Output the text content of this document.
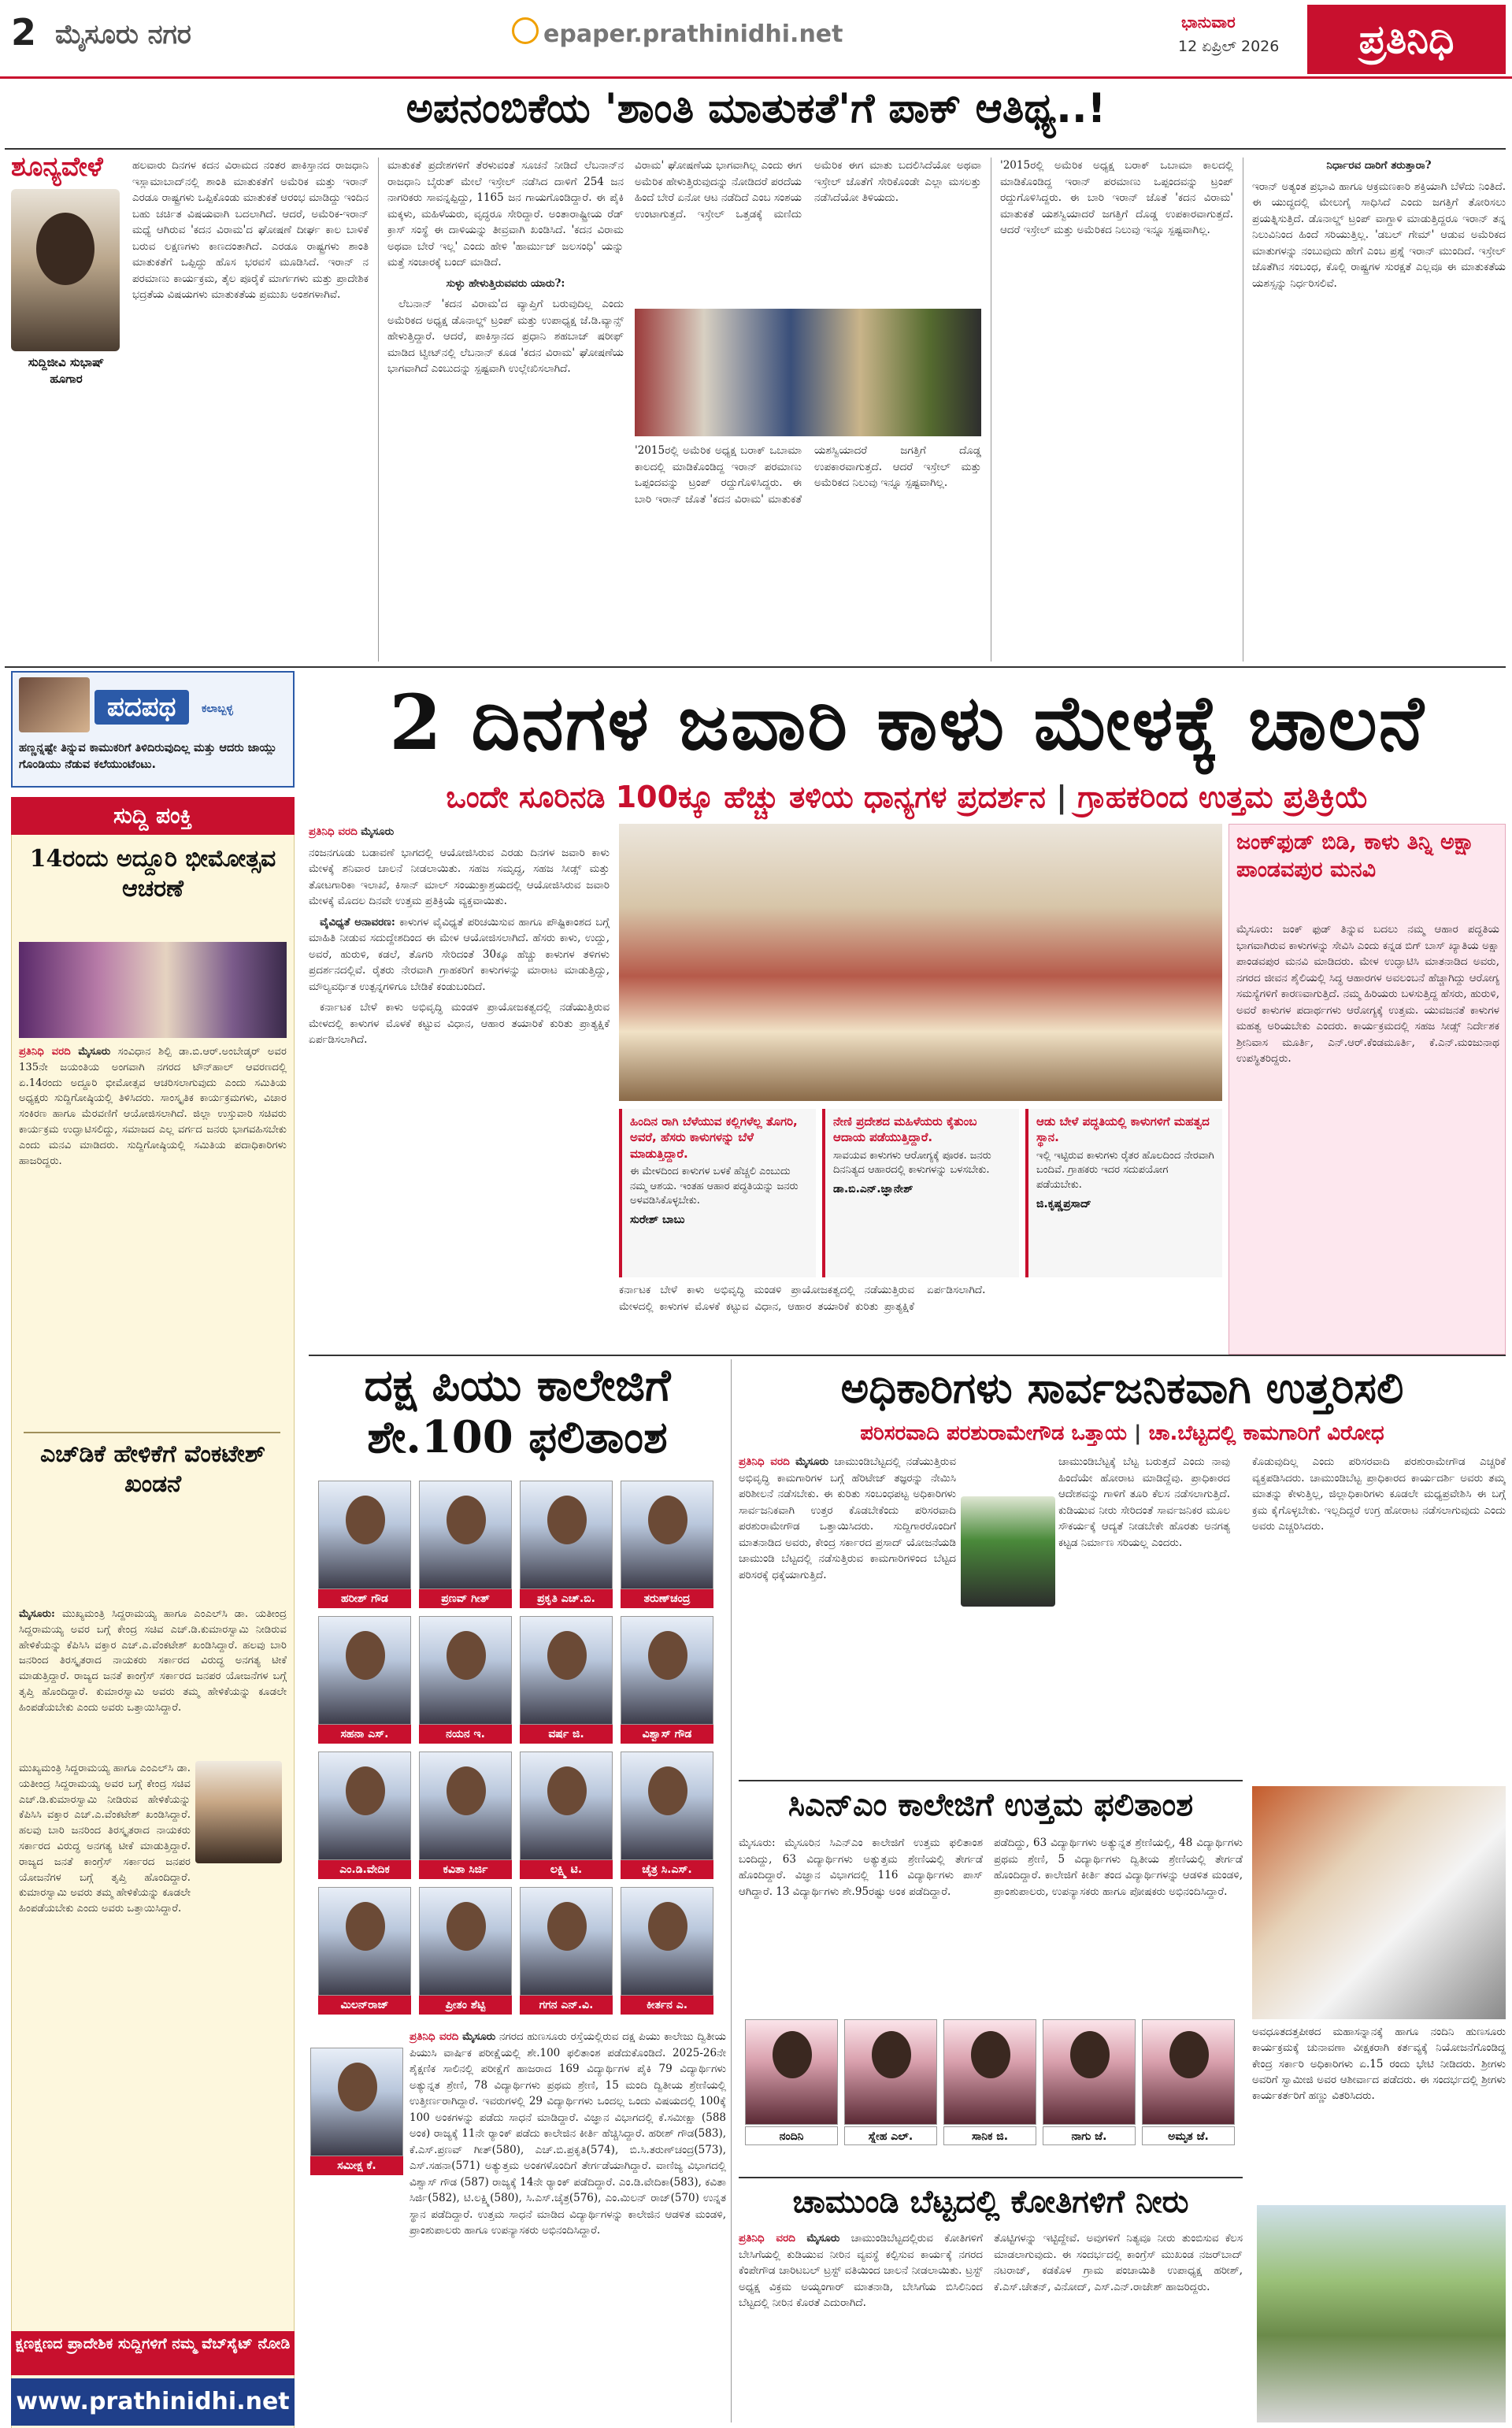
2 ಮೈಸೂರು ನಗರ	epaper.prathinidhi.net	ಭಾನುವಾರ
12 ಏಪ್ರಿಲ್ 2026	ಪ್ರತಿನಿಧಿ
ಅಪನಂಬಿಕೆಯ 'ಶಾಂತಿ ಮಾತುಕತೆ'ಗೆ ಪಾಕ್ ಆತಿಥ್ಯ..!
ಶೂನ್ಯವೇಳೆ
ಸುದ್ದಿಜೀವಿ ಸುಭಾಷ್ ಹೂಗಾರ

ಹಲವಾರು ದಿನಗಳ ಕದನ ವಿರಾಮದ ನಂತರ ಪಾಕಿಸ್ತಾನದ ರಾಜಧಾನಿ ಇಸ್ಲಾಮಾಬಾದ್‌ನಲ್ಲಿ ಶಾಂತಿ ಮಾತುಕತೆಗೆ ಅಮೆರಿಕ ಮತ್ತು ಇರಾನ್ ಎರಡೂ ರಾಷ್ಟ್ರಗಳು ಒಪ್ಪಿಕೊಂಡು ಮಾತುಕತೆ ಆರಂಭ ಮಾಡಿದ್ದು ಇಂದಿನ ಬಹು ಚರ್ಚಿತ ವಿಷಯವಾಗಿ ಬದಲಾಗಿದೆ. ಆದರೆ, ಅಮೆರಿಕ-ಇರಾನ್ ಮಧ್ಯೆ ಆಗಿರುವ 'ಕದನ ವಿರಾಮ'ದ ಘೋಷಣೆ ದೀರ್ಘ ಕಾಲ ಬಾಳಿಕೆ ಬರುವ ಲಕ್ಷಣಗಳು ಕಾಣದಂತಾಗಿದೆ. ಎರಡೂ ರಾಷ್ಟ್ರಗಳು ಶಾಂತಿ ಮಾತುಕತೆಗೆ ಒಪ್ಪಿದ್ದು ಹೊಸ ಭರವಸೆ ಮೂಡಿಸಿದೆ. ಇರಾನ್ ನ ಪರಮಾಣು ಕಾರ್ಯಕ್ರಮ, ತೈಲ ಪೂರೈಕೆ ಮಾರ್ಗಗಳು ಮತ್ತು ಪ್ರಾದೇಶಿಕ ಭದ್ರತೆಯ ವಿಷಯಗಳು ಮಾತುಕತೆಯ ಪ್ರಮುಖ ಅಂಶಗಳಾಗಿವೆ.

ಮಾತುಕತೆ ಪ್ರದೇಶಗಳಿಗೆ ತೆರಳುವಂತೆ ಸೂಚನೆ ನೀಡಿದೆ ಲೆಬನಾನ್‌ನ ರಾಜಧಾನಿ ಬೈರುತ್ ಮೇಲೆ ಇಸ್ರೇಲ್ ನಡೆಸಿದ ದಾಳಿಗೆ 254 ಜನ ನಾಗರಿಕರು ಸಾವನ್ನಪ್ಪಿದ್ದು, 1165 ಜನ ಗಾಯಗೊಂಡಿದ್ದಾರೆ. ಈ ಪೈಕಿ ಮಕ್ಕಳು, ಮಹಿಳೆಯರು, ವೃದ್ಧರೂ ಸೇರಿದ್ದಾರೆ. ಅಂತಾರಾಷ್ಟ್ರೀಯ ರೆಡ್ ಕ್ರಾಸ್ ಸಂಸ್ಥೆ ಈ ದಾಳಿಯನ್ನು ತೀವ್ರವಾಗಿ ಖಂಡಿಸಿದೆ. 'ಕದನ ವಿರಾಮ ಅಥವಾ ಬೇರೆ ಇಲ್ಲ' ಎಂದು ಹೇಳಿ 'ಹಾರ್ಮುಜ್ ಜಲಸಂಧಿ' ಯನ್ನು ಮತ್ತೆ ಸಂಚಾರಕ್ಕೆ ಬಂದ್ ಮಾಡಿದೆ.

ಸುಳ್ಳು ಹೇಳುತ್ತಿರುವವರು ಯಾರು?:

ಲೆಬನಾನ್ 'ಕದನ ವಿರಾಮ'ದ ವ್ಯಾಪ್ತಿಗೆ ಬರುವುದಿಲ್ಲ ಎಂದು ಅಮೆರಿಕದ ಅಧ್ಯಕ್ಷ ಡೊನಾಲ್ಡ್ ಟ್ರಂಪ್ ಮತ್ತು ಉಪಾಧ್ಯಕ್ಷ ಜೆ.ಡಿ.ವ್ಯಾನ್ಸ್ ಹೇಳುತ್ತಿದ್ದಾರೆ. ಆದರೆ, ಪಾಕಿಸ್ತಾನದ ಪ್ರಧಾನಿ ಶಹಬಾಜ್ ಷರೀಫ್ ಮಾಡಿದ ಟ್ವೀಟ್‌ನಲ್ಲಿ ಲೆಬನಾನ್ ಕೂಡ 'ಕದನ ವಿರಾಮ' ಘೋಷಣೆಯ ಭಾಗವಾಗಿದೆ ಎಂಬುದನ್ನು ಸ್ಪಷ್ಟವಾಗಿ ಉಲ್ಲೇಖಿಸಲಾಗಿದೆ.

ವಿರಾಮ' ಘೋಷಣೆಯ ಭಾಗವಾಗಿಲ್ಲ ಎಂದು ಈಗ ಅಮೆರಿಕ ಹೇಳುತ್ತಿರುವುದನ್ನು ನೋಡಿದರೆ ಪರದೆಯ ಹಿಂದೆ ಬೇರೆ ಏನೋ ಆಟ ನಡೆದಿದೆ ಎಂಬ ಸಂಶಯ ಉಂಟಾಗುತ್ತದೆ. ಇಸ್ರೇಲ್ ಒತ್ತಡಕ್ಕೆ ಮಣಿದು ಅಮೆರಿಕ ಈಗ ಮಾತು ಬದಲಿಸಿದೆಯೋ ಅಥವಾ ಇಸ್ರೇಲ್ ಜೊತೆಗೆ ಸೇರಿಕೊಂಡೇ ಎಲ್ಲಾ ಮಸಲತ್ತು ನಡೆಸಿದೆಯೋ ತಿಳಿಯದು.

'2015ರಲ್ಲಿ ಅಮೆರಿಕ ಅಧ್ಯಕ್ಷ ಬರಾಕ್ ಒಬಾಮಾ ಕಾಲದಲ್ಲಿ ಮಾಡಿಕೊಂಡಿದ್ದ ಇರಾನ್ ಪರಮಾಣು ಒಪ್ಪಂದವನ್ನು ಟ್ರಂಪ್ ರದ್ದುಗೊಳಿಸಿದ್ದರು. ಈ ಬಾರಿ ಇರಾನ್ ಜೊತೆ 'ಕದನ ವಿರಾಮ' ಮಾತುಕತೆ ಯಶಸ್ವಿಯಾದರೆ ಜಗತ್ತಿಗೆ ದೊಡ್ಡ ಉಪಕಾರವಾಗುತ್ತದೆ. ಆದರೆ ಇಸ್ರೇಲ್ ಮತ್ತು ಅಮೆರಿಕದ ನಿಲುವು ಇನ್ನೂ ಸ್ಪಷ್ಟವಾಗಿಲ್ಲ.

'2015ರಲ್ಲಿ ಅಮೆರಿಕ ಅಧ್ಯಕ್ಷ ಬರಾಕ್ ಒಬಾಮಾ ಕಾಲದಲ್ಲಿ ಮಾಡಿಕೊಂಡಿದ್ದ ಇರಾನ್ ಪರಮಾಣು ಒಪ್ಪಂದವನ್ನು ಟ್ರಂಪ್ ರದ್ದುಗೊಳಿಸಿದ್ದರು. ಈ ಬಾರಿ ಇರಾನ್ ಜೊತೆ 'ಕದನ ವಿರಾಮ' ಮಾತುಕತೆ ಯಶಸ್ವಿಯಾದರೆ ಜಗತ್ತಿಗೆ ದೊಡ್ಡ ಉಪಕಾರವಾಗುತ್ತದೆ. ಆದರೆ ಇಸ್ರೇಲ್ ಮತ್ತು ಅಮೆರಿಕದ ನಿಲುವು ಇನ್ನೂ ಸ್ಪಷ್ಟವಾಗಿಲ್ಲ.

ನಿರ್ಧಾರವ ದಾರಿಗೆ ತರುತ್ತಾರಾ?

ಇರಾನ್ ಅತ್ಯಂತ ಪ್ರಭಾವಿ ಹಾಗೂ ಆಕ್ರಮಣಕಾರಿ ಶಕ್ತಿಯಾಗಿ ಬೆಳೆದು ನಿಂತಿದೆ. ಈ ಯುದ್ಧದಲ್ಲಿ ಮೇಲುಗೈ ಸಾಧಿಸಿದೆ ಎಂದು ಜಗತ್ತಿಗೆ ತೋರಿಸಲು ಪ್ರಯತ್ನಿಸುತ್ತಿದೆ. ಡೊನಾಲ್ಡ್ ಟ್ರಂಪ್ ವಾಗ್ದಾಳಿ ಮಾಡುತ್ತಿದ್ದರೂ ಇರಾನ್ ತನ್ನ ನಿಲುವಿನಿಂದ ಹಿಂದೆ ಸರಿಯುತ್ತಿಲ್ಲ. 'ಡಬಲ್ ಗೇಮ್' ಆಡುವ ಅಮೆರಿಕದ ಮಾತುಗಳನ್ನು ನಂಬುವುದು ಹೇಗೆ ಎಂಬ ಪ್ರಶ್ನೆ ಇರಾನ್ ಮುಂದಿದೆ. ಇಸ್ರೇಲ್ ಜೊತೆಗಿನ ಸಂಬಂಧ, ಕೊಲ್ಲಿ ರಾಷ್ಟ್ರಗಳ ಸುರಕ್ಷತೆ ಎಲ್ಲವೂ ಈ ಮಾತುಕತೆಯ ಯಶಸ್ಸನ್ನು ನಿರ್ಧರಿಸಲಿವೆ.

ಪದಪಥ	ಕಲಾಬ್ಬಳ್ಳ
ಹಣ್ಣನ್ನಷ್ಟೇ ತಿನ್ನುವ ಕಾಮುಕರಿಗೆ ತಿಳಿದಿರುವುದಿಲ್ಲ ಮತ್ತು ಆದರು ಜಾಯ್ಲು ಗೊಂಡಿಯು ನೆಡುವ ಕಲೆಯುಂಟೆಂಟು.
ಸುದ್ದಿ ಪಂಕ್ತಿ
14ರಂದು ಅದ್ದೂರಿ ಭೀಮೋತ್ಸವ ಆಚರಣೆ

ಪ್ರತಿನಿಧಿ ವರದಿ ಮೈಸೂರು ಸಂವಿಧಾನ ಶಿಲ್ಪಿ ಡಾ.ಬಿ.ಆರ್.ಅಂಬೇಡ್ಕರ್ ಅವರ 135ನೇ ಜಯಂತಿಯ ಅಂಗವಾಗಿ ನಗರದ ಟೌನ್‌ಹಾಲ್ ಆವರಣದಲ್ಲಿ ಏ.14ರಂದು ಅದ್ದೂರಿ ಭೀಮೋತ್ಸವ ಆಚರಿಸಲಾಗುವುದು ಎಂದು ಸಮಿತಿಯ ಅಧ್ಯಕ್ಷರು ಸುದ್ದಿಗೋಷ್ಠಿಯಲ್ಲಿ ತಿಳಿಸಿದರು. ಸಾಂಸ್ಕೃತಿಕ ಕಾರ್ಯಕ್ರಮಗಳು, ವಿಚಾರ ಸಂಕಿರಣ ಹಾಗೂ ಮೆರವಣಿಗೆ ಆಯೋಜಿಸಲಾಗಿದೆ. ಜಿಲ್ಲಾ ಉಸ್ತುವಾರಿ ಸಚಿವರು ಕಾರ್ಯಕ್ರಮ ಉದ್ಘಾಟಿಸಲಿದ್ದು, ಸಮಾಜದ ಎಲ್ಲ ವರ್ಗದ ಜನರು ಭಾಗವಹಿಸಬೇಕು ಎಂದು ಮನವಿ ಮಾಡಿದರು. ಸುದ್ದಿಗೋಷ್ಠಿಯಲ್ಲಿ ಸಮಿತಿಯ ಪದಾಧಿಕಾರಿಗಳು ಹಾಜರಿದ್ದರು.

ಎಚ್‌ಡಿಕೆ ಹೇಳಿಕೆಗೆ ವೆಂಕಟೇಶ್ ಖಂಡನೆ

ಮೈಸೂರು: ಮುಖ್ಯಮಂತ್ರಿ ಸಿದ್ದರಾಮಯ್ಯ ಹಾಗೂ ಎಂಎಲ್‌ಸಿ ಡಾ. ಯತೀಂದ್ರ ಸಿದ್ದರಾಮಯ್ಯ ಅವರ ಬಗ್ಗೆ ಕೇಂದ್ರ ಸಚಿವ ಎಚ್.ಡಿ.ಕುಮಾರಸ್ವಾಮಿ ನೀಡಿರುವ ಹೇಳಿಕೆಯನ್ನು ಕೆಪಿಸಿಸಿ ವಕ್ತಾರ ಎಚ್.ಎ.ವೆಂಕಟೇಶ್ ಖಂಡಿಸಿದ್ದಾರೆ. ಹಲವು ಬಾರಿ ಜನರಿಂದ ತಿರಸ್ಕೃತರಾದ ನಾಯಕರು ಸರ್ಕಾರದ ವಿರುದ್ಧ ಅನಗತ್ಯ ಟೀಕೆ ಮಾಡುತ್ತಿದ್ದಾರೆ. ರಾಜ್ಯದ ಜನತೆ ಕಾಂಗ್ರೆಸ್ ಸರ್ಕಾರದ ಜನಪರ ಯೋಜನೆಗಳ ಬಗ್ಗೆ ತೃಪ್ತಿ ಹೊಂದಿದ್ದಾರೆ. ಕುಮಾರಸ್ವಾಮಿ ಅವರು ತಮ್ಮ ಹೇಳಿಕೆಯನ್ನು ಕೂಡಲೇ ಹಿಂಪಡೆಯಬೇಕು ಎಂದು ಅವರು ಒತ್ತಾಯಿಸಿದ್ದಾರೆ.

ಮುಖ್ಯಮಂತ್ರಿ ಸಿದ್ದರಾಮಯ್ಯ ಹಾಗೂ ಎಂಎಲ್‌ಸಿ ಡಾ. ಯತೀಂದ್ರ ಸಿದ್ದರಾಮಯ್ಯ ಅವರ ಬಗ್ಗೆ ಕೇಂದ್ರ ಸಚಿವ ಎಚ್.ಡಿ.ಕುಮಾರಸ್ವಾಮಿ ನೀಡಿರುವ ಹೇಳಿಕೆಯನ್ನು ಕೆಪಿಸಿಸಿ ವಕ್ತಾರ ಎಚ್.ಎ.ವೆಂಕಟೇಶ್ ಖಂಡಿಸಿದ್ದಾರೆ. ಹಲವು ಬಾರಿ ಜನರಿಂದ ತಿರಸ್ಕೃತರಾದ ನಾಯಕರು ಸರ್ಕಾರದ ವಿರುದ್ಧ ಅನಗತ್ಯ ಟೀಕೆ ಮಾಡುತ್ತಿದ್ದಾರೆ. ರಾಜ್ಯದ ಜನತೆ ಕಾಂಗ್ರೆಸ್ ಸರ್ಕಾರದ ಜನಪರ ಯೋಜನೆಗಳ ಬಗ್ಗೆ ತೃಪ್ತಿ ಹೊಂದಿದ್ದಾರೆ. ಕುಮಾರಸ್ವಾಮಿ ಅವರು ತಮ್ಮ ಹೇಳಿಕೆಯನ್ನು ಕೂಡಲೇ ಹಿಂಪಡೆಯಬೇಕು ಎಂದು ಅವರು ಒತ್ತಾಯಿಸಿದ್ದಾರೆ.

ಕ್ಷಣಕ್ಷಣದ ಪ್ರಾದೇಶಿಕ ಸುದ್ದಿಗಳಿಗೆ ನಮ್ಮ ವೆಬ್‌ಸೈಟ್ ನೋಡಿ
www.prathinidhi.net
2 ದಿನಗಳ ಜವಾರಿ ಕಾಳು ಮೇಳಕ್ಕೆ ಚಾಲನೆ
ಒಂದೇ ಸೂರಿನಡಿ 100ಕ್ಕೂ ಹೆಚ್ಚು ತಳಿಯ ಧಾನ್ಯಗಳ ಪ್ರದರ್ಶನ | ಗ್ರಾಹಕರಿಂದ ಉತ್ತಮ ಪ್ರತಿಕ್ರಿಯೆ

ಪ್ರತಿನಿಧಿ ವರದಿ ಮೈಸೂರು

ನಂಜನಗೂಡು ಬಡಾವಣೆ ಭಾಗದಲ್ಲಿ ಆಯೋಜಿಸಿರುವ ಎರಡು ದಿನಗಳ ಜವಾರಿ ಕಾಳು ಮೇಳಕ್ಕೆ ಶನಿವಾರ ಚಾಲನೆ ನೀಡಲಾಯಿತು. ಸಹಜ ಸಮೃದ್ಧ, ಸಹಜ ಸೀಡ್ಸ್ ಮತ್ತು ತೋಟಗಾರಿಕಾ ಇಲಾಖೆ, ಕಿಸಾನ್ ಮಾಲ್ ಸಂಯುಕ್ತಾಶ್ರಯದಲ್ಲಿ ಆಯೋಜಿಸಿರುವ ಜವಾರಿ ಮೇಳಕ್ಕೆ ಮೊದಲ ದಿನವೇ ಉತ್ತಮ ಪ್ರತಿಕ್ರಿಯೆ ವ್ಯಕ್ತವಾಯಿತು.

ವೈವಿಧ್ಯತೆ ಅನಾವರಣ: ಕಾಳುಗಳ ವೈವಿಧ್ಯತೆ ಪರಿಚಯಿಸುವ ಹಾಗೂ ಪೌಷ್ಟಿಕಾಂಶದ ಬಗ್ಗೆ ಮಾಹಿತಿ ನೀಡುವ ಸದುದ್ದೇಶದಿಂದ ಈ ಮೇಳ ಆಯೋಜಿಸಲಾಗಿದೆ. ಹೆಸರು ಕಾಳು, ಉದ್ದು, ಅವರೆ, ಹುರುಳಿ, ಕಡಲೆ, ತೊಗರಿ ಸೇರಿದಂತೆ 30ಕ್ಕೂ ಹೆಚ್ಚು ಕಾಳುಗಳ ತಳಿಗಳು ಪ್ರದರ್ಶನದಲ್ಲಿವೆ. ರೈತರು ನೇರವಾಗಿ ಗ್ರಾಹಕರಿಗೆ ಕಾಳುಗಳನ್ನು ಮಾರಾಟ ಮಾಡುತ್ತಿದ್ದು, ಮೌಲ್ಯವರ್ಧಿತ ಉತ್ಪನ್ನಗಳಿಗೂ ಬೇಡಿಕೆ ಕಂಡುಬಂದಿದೆ.

ಕರ್ನಾಟಕ ಬೇಳೆ ಕಾಳು ಅಭಿವೃದ್ಧಿ ಮಂಡಳಿ ಪ್ರಾಯೋಜಕತ್ವದಲ್ಲಿ ನಡೆಯುತ್ತಿರುವ ಮೇಳದಲ್ಲಿ ಕಾಳುಗಳ ಮೊಳಕೆ ಕಟ್ಟುವ ವಿಧಾನ, ಆಹಾರ ತಯಾರಿಕೆ ಕುರಿತು ಪ್ರಾತ್ಯಕ್ಷಿಕೆ ಏರ್ಪಡಿಸಲಾಗಿದೆ.

ಹಿಂದಿನ ರಾಗಿ ಬೆಳೆಯುವ ಕಲ್ಲಿಗಳೆಲ್ಲ ತೊಗರಿ, ಅವರೆ, ಹೆಸರು ಕಾಳುಗಳನ್ನು ಬೆಳೆ ಮಾಡುತ್ತಿದ್ದಾರೆ.
ಈ ಮೇಳದಿಂದ ಕಾಳುಗಳ ಬಳಕೆ ಹೆಚ್ಚಲಿ ಎಂಬುದು ನಮ್ಮ ಆಶಯ. ಇಂತಹ ಆಹಾರ ಪದ್ಧತಿಯನ್ನು ಜನರು ಅಳವಡಿಸಿಕೊಳ್ಳಬೇಕು.
ಸುರೇಶ್ ಬಾಬು
ನೇಣಿ ಪ್ರದೇಶದ ಮಹಿಳೆಯರು ಕೈತುಂಬ ಆದಾಯ ಪಡೆಯುತ್ತಿದ್ದಾರೆ.
ಸಾವಯವ ಕಾಳುಗಳು ಆರೋಗ್ಯಕ್ಕೆ ಪೂರಕ. ಜನರು ದಿನನಿತ್ಯದ ಆಹಾರದಲ್ಲಿ ಕಾಳುಗಳನ್ನು ಬಳಸಬೇಕು.
ಡಾ.ಬಿ.ಎನ್.ಜ್ಞಾನೇಶ್
ಆಡು ಬೇಳೆ ಪದ್ಧತಿಯಲ್ಲಿ ಕಾಳುಗಳಿಗೆ ಮಹತ್ವದ ಸ್ಥಾನ.
ಇಲ್ಲಿ ಇಟ್ಟಿರುವ ಕಾಳುಗಳು ರೈತರ ಹೊಲದಿಂದ ನೇರವಾಗಿ ಬಂದಿವೆ. ಗ್ರಾಹಕರು ಇದರ ಸದುಪಯೋಗ ಪಡೆಯಬೇಕು.
ಜಿ.ಕೃಷ್ಣಪ್ರಸಾದ್

ಕರ್ನಾಟಕ ಬೇಳೆ ಕಾಳು ಅಭಿವೃದ್ಧಿ ಮಂಡಳಿ ಪ್ರಾಯೋಜಕತ್ವದಲ್ಲಿ ನಡೆಯುತ್ತಿರುವ ಮೇಳದಲ್ಲಿ ಕಾಳುಗಳ ಮೊಳಕೆ ಕಟ್ಟುವ ವಿಧಾನ, ಆಹಾರ ತಯಾರಿಕೆ ಕುರಿತು ಪ್ರಾತ್ಯಕ್ಷಿಕೆ ಏರ್ಪಡಿಸಲಾಗಿದೆ.

ಜಂಕ್‌ಫುಡ್ ಬಿಡಿ, ಕಾಳು ತಿನ್ನಿ ಅಕ್ಷಾ ಪಾಂಡವಪುರ ಮನವಿ

ಮೈಸೂರು: ಜಂಕ್ ಫುಡ್ ತಿನ್ನುವ ಬದಲು ನಮ್ಮ ಆಹಾರ ಪದ್ಧತಿಯ ಭಾಗವಾಗಿರುವ ಕಾಳುಗಳನ್ನು ಸೇವಿಸಿ ಎಂದು ಕನ್ನಡ ಬಿಗ್ ಬಾಸ್ ಖ್ಯಾತಿಯ ಅಕ್ಷಾ ಪಾಂಡವಪುರ ಮನವಿ ಮಾಡಿದರು. ಮೇಳ ಉದ್ಘಾಟಿಸಿ ಮಾತನಾಡಿದ ಅವರು, ನಗರದ ಜೀವನ ಶೈಲಿಯಲ್ಲಿ ಸಿದ್ಧ ಆಹಾರಗಳ ಅವಲಂಬನೆ ಹೆಚ್ಚಾಗಿದ್ದು ಆರೋಗ್ಯ ಸಮಸ್ಯೆಗಳಿಗೆ ಕಾರಣವಾಗುತ್ತಿದೆ. ನಮ್ಮ ಹಿರಿಯರು ಬಳಸುತ್ತಿದ್ದ ಹೆಸರು, ಹುರುಳಿ, ಅವರೆ ಕಾಳುಗಳ ಪದಾರ್ಥಗಳು ಆರೋಗ್ಯಕ್ಕೆ ಉತ್ತಮ. ಯುವಜನತೆ ಕಾಳುಗಳ ಮಹತ್ವ ಅರಿಯಬೇಕು ಎಂದರು. ಕಾರ್ಯಕ್ರಮದಲ್ಲಿ ಸಹಜ ಸೀಡ್ಸ್ ನಿರ್ದೇಶಕ ಶ್ರೀನಿವಾಸ ಮೂರ್ತಿ, ಎನ್.ಆರ್.ಕೆಂಡಮೂರ್ತಿ, ಕೆ.ಎನ್.ಮಂಜುನಾಥ ಉಪಸ್ಥಿತರಿದ್ದರು.

ದಕ್ಷ ಪಿಯು ಕಾಲೇಜಿಗೆ ಶೇ.100 ಫಲಿತಾಂಶ
ಹರೀಶ್ ಗೌಡ	ಪ್ರಣವ್ ಗೀತ್	ಪ್ರಕೃತಿ ಎಚ್.ಬಿ.	ತರುಣ್‌ಚಂದ್ರ
ಸಹನಾ ಎಸ್.	ನಯನ ಇ.	ವರ್ಷ ಜಿ.	ವಿಶ್ವಾಸ್ ಗೌಡ
ಎಂ.ಡಿ.ವೇದಿಕ	ಕವಿತಾ ಸಿರ್ಜಿ	ಲಕ್ಷ್ಮಿ ಟಿ.	ಚೈತ್ರ ಸಿ.ಎಸ್.
ಮಿಲನ್‌ರಾಜ್	ಪ್ರೀತಂ ಶೆಟ್ಟಿ	ಗಗನ ಎನ್.ವಿ.	ಕೀರ್ತನ ಎ.

ಪ್ರತಿನಿಧಿ ವರದಿ ಮೈಸೂರು ನಗರದ ಹುಣಸೂರು ರಸ್ತೆಯಲ್ಲಿರುವ ದಕ್ಷ ಪಿಯು ಕಾಲೇಜು ದ್ವಿತೀಯ ಪಿಯುಸಿ ವಾರ್ಷಿಕ ಪರೀಕ್ಷೆಯಲ್ಲಿ ಶೇ.100 ಫಲಿತಾಂಶ ಪಡೆದುಕೊಂಡಿದೆ. 2025-26ನೇ ಶೈಕ್ಷಣಿಕ ಸಾಲಿನಲ್ಲಿ ಪರೀಕ್ಷೆಗೆ ಹಾಜರಾದ 169 ವಿದ್ಯಾರ್ಥಿಗಳ ಪೈಕಿ 79 ವಿದ್ಯಾರ್ಥಿಗಳು ಅತ್ಯುನ್ನತ ಶ್ರೇಣಿ, 78 ವಿದ್ಯಾರ್ಥಿಗಳು ಪ್ರಥಮ ಶ್ರೇಣಿ, 15 ಮಂದಿ ದ್ವಿತೀಯ ಶ್ರೇಣಿಯಲ್ಲಿ ಉತ್ತೀರ್ಣರಾಗಿದ್ದಾರೆ. ಇವರುಗಳಲ್ಲಿ 29 ವಿದ್ಯಾರ್ಥಿಗಳು ಒಂದಲ್ಲ ಒಂದು ವಿಷಯದಲ್ಲಿ 100ಕ್ಕೆ 100 ಅಂಕಗಳನ್ನು ಪಡೆದು ಸಾಧನೆ ಮಾಡಿದ್ದಾರೆ. ವಿಜ್ಞಾನ ವಿಭಾಗದಲ್ಲಿ ಕೆ.ಸಮೀಕ್ಷಾ (588 ಅಂಕ) ರಾಜ್ಯಕ್ಕೆ 11ನೇ ರ್‍ಯಾಂಕ್ ಪಡೆದು ಕಾಲೇಜಿನ ಕೀರ್ತಿ ಹೆಚ್ಚಿಸಿದ್ದಾರೆ. ಹರೀಶ್ ಗೌಡ(583), ಕೆ.ಎಸ್.ಪ್ರಣವ್ ಗೀತ್(580), ಎಚ್.ಬಿ.ಪ್ರಕೃತಿ(574), ಬಿ.ಸಿ.ತರುಣ್‌ಚಂದ್ರ(573), ಎಸ್.ಸಹನಾ(571) ಅತ್ಯುತ್ತಮ ಅಂಕಗಳೊಂದಿಗೆ ತೇರ್ಗಡೆಯಾಗಿದ್ದಾರೆ. ವಾಣಿಜ್ಯ ವಿಭಾಗದಲ್ಲಿ ವಿಶ್ವಾಸ್ ಗೌಡ (587) ರಾಜ್ಯಕ್ಕೆ 14ನೇ ರ್‍ಯಾಂಕ್ ಪಡೆದಿದ್ದಾರೆ. ಎಂ.ಡಿ.ವೇದಿಕಾ(583), ಕವಿತಾ ಸಿರ್ಜಿ(582), ಟಿ.ಲಕ್ಷ್ಮಿ(580), ಸಿ.ಎಸ್.ಚೈತ್ರ(576), ಎಂ.ಮಿಲನ್ ರಾಜ್(570) ಉನ್ನತ ಸ್ಥಾನ ಪಡೆದಿದ್ದಾರೆ. ಉತ್ತಮ ಸಾಧನೆ ಮಾಡಿದ ವಿದ್ಯಾರ್ಥಿಗಳನ್ನು ಕಾಲೇಜಿನ ಆಡಳಿತ ಮಂಡಳಿ, ಪ್ರಾಂಶುಪಾಲರು ಹಾಗೂ ಉಪನ್ಯಾಸಕರು ಅಭಿನಂದಿಸಿದ್ದಾರೆ.

ಸಮೀಕ್ಷ ಕೆ.
ಅಧಿಕಾರಿಗಳು ಸಾರ್ವಜನಿಕವಾಗಿ ಉತ್ತರಿಸಲಿ
ಪರಿಸರವಾದಿ ಪರಶುರಾಮೇಗೌಡ ಒತ್ತಾಯ | ಚಾ.ಬೆಟ್ಟದಲ್ಲಿ ಕಾಮಗಾರಿಗೆ ವಿರೋಧ

ಪ್ರತಿನಿಧಿ ವರದಿ ಮೈಸೂರು ಚಾಮುಂಡಿಬೆಟ್ಟದಲ್ಲಿ ನಡೆಯುತ್ತಿರುವ ಅಭಿವೃದ್ಧಿ ಕಾಮಗಾರಿಗಳ ಬಗ್ಗೆ ಹೆರಿಟೇಜ್ ತಜ್ಞರನ್ನು ನೇಮಿಸಿ ಪರಿಶೀಲನೆ ನಡೆಸಬೇಕು. ಈ ಕುರಿತು ಸಂಬಂಧಪಟ್ಟ ಅಧಿಕಾರಿಗಳು ಸಾರ್ವಜನಿಕವಾಗಿ ಉತ್ತರ ಕೊಡಬೇಕೆಂದು ಪರಿಸರವಾದಿ ಪರಶುರಾಮೇಗೌಡ ಒತ್ತಾಯಿಸಿದರು. ಸುದ್ದಿಗಾರರೊಂದಿಗೆ ಮಾತನಾಡಿದ ಅವರು, ಕೇಂದ್ರ ಸರ್ಕಾರದ ಪ್ರಸಾದ್ ಯೋಜನೆಯಡಿ ಚಾಮುಂಡಿ ಬೆಟ್ಟದಲ್ಲಿ ನಡೆಸುತ್ತಿರುವ ಕಾಮಗಾರಿಗಳಿಂದ ಬೆಟ್ಟದ ಪರಿಸರಕ್ಕೆ ಧಕ್ಕೆಯಾಗುತ್ತಿದೆ.

ಚಾಮುಂಡಿಬೆಟ್ಟಕ್ಕೆ ಬೆಟ್ಟ ಬರುತ್ತದೆ ಎಂದು ನಾವು ಹಿಂದೆಯೇ ಹೋರಾಟ ಮಾಡಿದ್ದೆವು. ಪ್ರಾಧಿಕಾರದ ಆದೇಶವನ್ನು ಗಾಳಿಗೆ ತೂರಿ ಕೆಲಸ ನಡೆಸಲಾಗುತ್ತಿದೆ. ಕುಡಿಯುವ ನೀರು ಸೇರಿದಂತೆ ಸಾರ್ವಜನಿಕರ ಮೂಲ ಸೌಕರ್ಯಕ್ಕೆ ಆದ್ಯತೆ ನೀಡಬೇಕೇ ಹೊರತು ಅನಗತ್ಯ ಕಟ್ಟಡ ನಿರ್ಮಾಣ ಸರಿಯಲ್ಲ ಎಂದರು.

ಕೊಡುವುದಿಲ್ಲ ಎಂದು ಪರಿಸರವಾದಿ ಪರಶುರಾಮೇಗೌಡ ಎಚ್ಚರಿಕೆ ವ್ಯಕ್ತಪಡಿಸಿದರು. ಚಾಮುಂಡಿಬೆಟ್ಟ ಪ್ರಾಧಿಕಾರದ ಕಾರ್ಯದರ್ಶಿ ಅವರು ತಮ್ಮ ಮಾತನ್ನು ಕೇಳುತ್ತಿಲ್ಲ, ಜಿಲ್ಲಾಧಿಕಾರಿಗಳು ಕೂಡಲೇ ಮಧ್ಯಪ್ರವೇಶಿಸಿ ಈ ಬಗ್ಗೆ ಕ್ರಮ ಕೈಗೊಳ್ಳಬೇಕು. ಇಲ್ಲದಿದ್ದರೆ ಉಗ್ರ ಹೋರಾಟ ನಡೆಸಲಾಗುವುದು ಎಂದು ಅವರು ಎಚ್ಚರಿಸಿದರು.

ಸಿಎನ್‌ಎಂ ಕಾಲೇಜಿಗೆ ಉತ್ತಮ ಫಲಿತಾಂಶ

ಮೈಸೂರು: ಮೈಸೂರಿನ ಸಿಎನ್‌ಎಂ ಕಾಲೇಜಿಗೆ ಉತ್ತಮ ಫಲಿತಾಂಶ ಬಂದಿದ್ದು, 63 ವಿದ್ಯಾರ್ಥಿಗಳು ಅತ್ಯುತ್ತಮ ಶ್ರೇಣಿಯಲ್ಲಿ ತೇರ್ಗಡೆ ಹೊಂದಿದ್ದಾರೆ. ವಿಜ್ಞಾನ ವಿಭಾಗದಲ್ಲಿ 116 ವಿದ್ಯಾರ್ಥಿಗಳು ಪಾಸ್ ಆಗಿದ್ದಾರೆ. 13 ವಿದ್ಯಾರ್ಥಿಗಳು ಶೇ.95ರಷ್ಟು ಅಂಕ ಪಡೆದಿದ್ದಾರೆ.

ಪಡೆದಿದ್ದು, 63 ವಿದ್ಯಾರ್ಥಿಗಳು ಅತ್ಯುನ್ನತ ಶ್ರೇಣಿಯಲ್ಲಿ, 48 ವಿದ್ಯಾರ್ಥಿಗಳು ಪ್ರಥಮ ಶ್ರೇಣಿ, 5 ವಿದ್ಯಾರ್ಥಿಗಳು ದ್ವಿತೀಯ ಶ್ರೇಣಿಯಲ್ಲಿ ತೇರ್ಗಡೆ ಹೊಂದಿದ್ದಾರೆ. ಕಾಲೇಜಿಗೆ ಕೀರ್ತಿ ತಂದ ವಿದ್ಯಾರ್ಥಿಗಳನ್ನು ಆಡಳಿತ ಮಂಡಳಿ, ಪ್ರಾಂಶುಪಾಲರು, ಉಪನ್ಯಾಸಕರು ಹಾಗೂ ಪೋಷಕರು ಅಭಿನಂದಿಸಿದ್ದಾರೆ.

ನಂದಿನಿ	ಸ್ನೇಹ ಎಲ್.	ಸಾನಿಕ ಜಿ.	ನಾಗು ಜೆ.	ಅಮೃತ ಜೆ.
ಅವಧೂತದತ್ತಪೀಠದ ಮಹಾಸನ್ನಾನಕ್ಕೆ ಹಾಗೂ ನಂದಿನಿ ಹುಣಸೂರು ಕಾರ್ಯಕ್ರಮಕ್ಕೆ ಚುನಾವಣಾ ವೀಕ್ಷಕರಾಗಿ ಕರ್ತವ್ಯಕ್ಕೆ ನಿಯೋಜನೆಗೊಂಡಿದ್ದ ಕೇಂದ್ರ ಸರ್ಕಾರಿ ಅಧಿಕಾರಿಗಳು ಏ.15 ರಂದು ಭೇಟಿ ನೀಡಿದರು. ಶ್ರೀಗಳು ಅವರಿಗೆ ಸ್ವಾಮೀಜಿ ಅವರ ಆಶೀರ್ವಾದ ಪಡೆದರು. ಈ ಸಂದರ್ಭದಲ್ಲಿ ಶ್ರೀಗಳು ಕಾರ್ಯಕರ್ತರಿಗೆ ಹಣ್ಣು ವಿತರಿಸಿದರು.
ಚಾಮುಂಡಿ ಬೆಟ್ಟದಲ್ಲಿ ಕೋತಿಗಳಿಗೆ ನೀರು

ಪ್ರತಿನಿಧಿ ವರದಿ ಮೈಸೂರು ಚಾಮುಂಡಿಬೆಟ್ಟದಲ್ಲಿರುವ ಕೋತಿಗಳಿಗೆ ಬೇಸಿಗೆಯಲ್ಲಿ ಕುಡಿಯುವ ನೀರಿನ ವ್ಯವಸ್ಥೆ ಕಲ್ಪಿಸುವ ಕಾರ್ಯಕ್ಕೆ ನಗರದ ಕೆಂಪೇಗೌಡ ಚಾರಿಟಬಲ್ ಟ್ರಸ್ಟ್ ವತಿಯಿಂದ ಚಾಲನೆ ನೀಡಲಾಯಿತು. ಟ್ರಸ್ಟ್ ಅಧ್ಯಕ್ಷ ವಿಕ್ರಮ ಅಯ್ಯಂಗಾರ್ ಮಾತನಾಡಿ, ಬೇಸಿಗೆಯ ಬಿಸಿಲಿನಿಂದ ಬೆಟ್ಟದಲ್ಲಿ ನೀರಿನ ಕೊರತೆ ಎದುರಾಗಿದೆ.

ತೊಟ್ಟಿಗಳನ್ನು ಇಟ್ಟಿದ್ದೇವೆ. ಅವುಗಳಿಗೆ ನಿತ್ಯವೂ ನೀರು ತುಂಬಿಸುವ ಕೆಲಸ ಮಾಡಲಾಗುವುದು. ಈ ಸಂದರ್ಭದಲ್ಲಿ ಕಾಂಗ್ರೆಸ್ ಮುಖಂಡ ನಜರ್‌ಬಾದ್ ನಟರಾಜ್, ಕಡಕೊಳ ಗ್ರಾಮ ಪಂಚಾಯಿತಿ ಉಪಾಧ್ಯಕ್ಷ ಹರೀಶ್, ಕೆ.ಎಸ್.ಚೇತನ್, ವಿನೋದ್, ಎಸ್.ಎನ್.ರಾಜೇಶ್ ಹಾಜರಿದ್ದರು.
